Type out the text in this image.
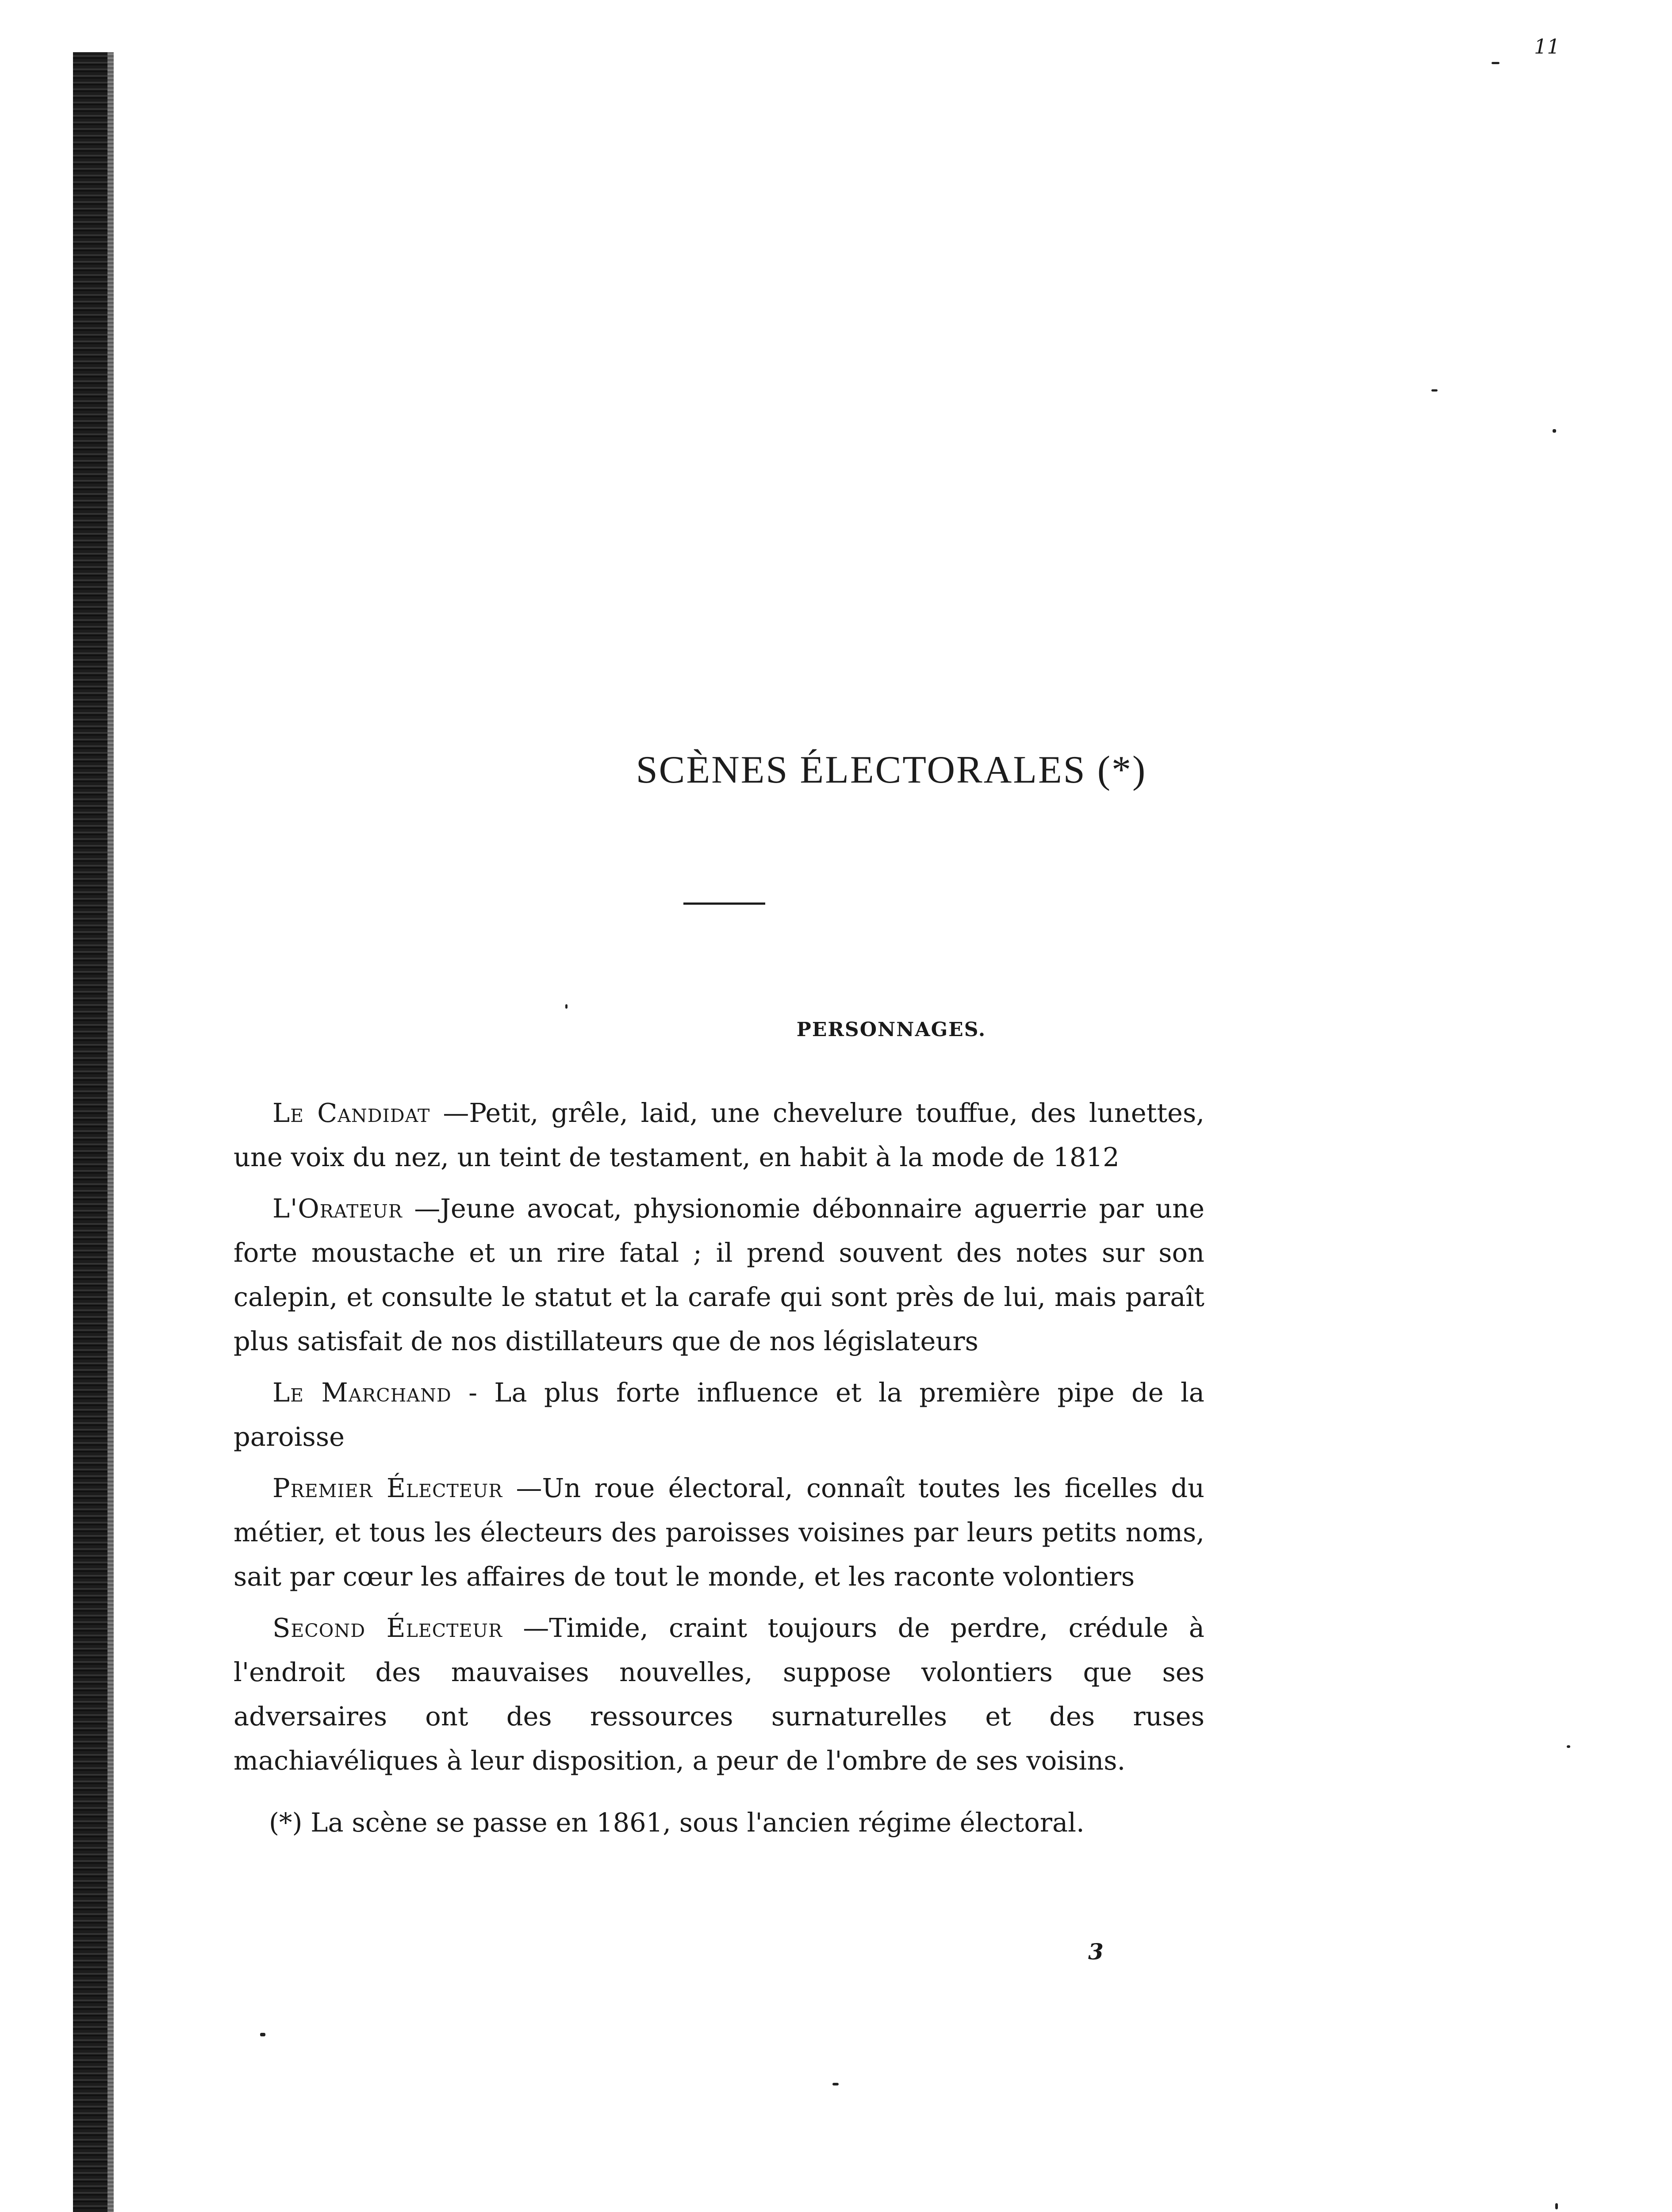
11
SCÈNES ÉLECTORALES (*)
PERSONNAGES.

Le Candidat —Petit, grêle, laid, une chevelure touffue, des lunettes, une voix du nez, un teint de testament, en habit à la mode de 1812

L'Orateur —Jeune avocat, physionomie débonnaire aguerrie par une forte moustache et un rire fatal ; il prend souvent des notes sur son calepin, et consulte le statut et la carafe qui sont près de lui, mais paraît plus satisfait de nos distillateurs que de nos législateurs

Le Marchand - La plus forte influence et la première pipe de la paroisse

Premier Électeur —Un roue électoral, connaît toutes les ficelles du métier, et tous les électeurs des paroisses voisines par leurs petits noms, sait par cœur les affaires de tout le monde, et les raconte volontiers

Second Électeur —Timide, craint toujours de perdre, crédule à l'endroit des mauvaises nouvelles, suppose volontiers que ses adversaires ont des ressources surnaturelles et des ruses machiavéliques à leur disposition, a peur de l'ombre de ses voisins.

(*) La scène se passe en 1861, sous l'ancien régime électoral.

3
